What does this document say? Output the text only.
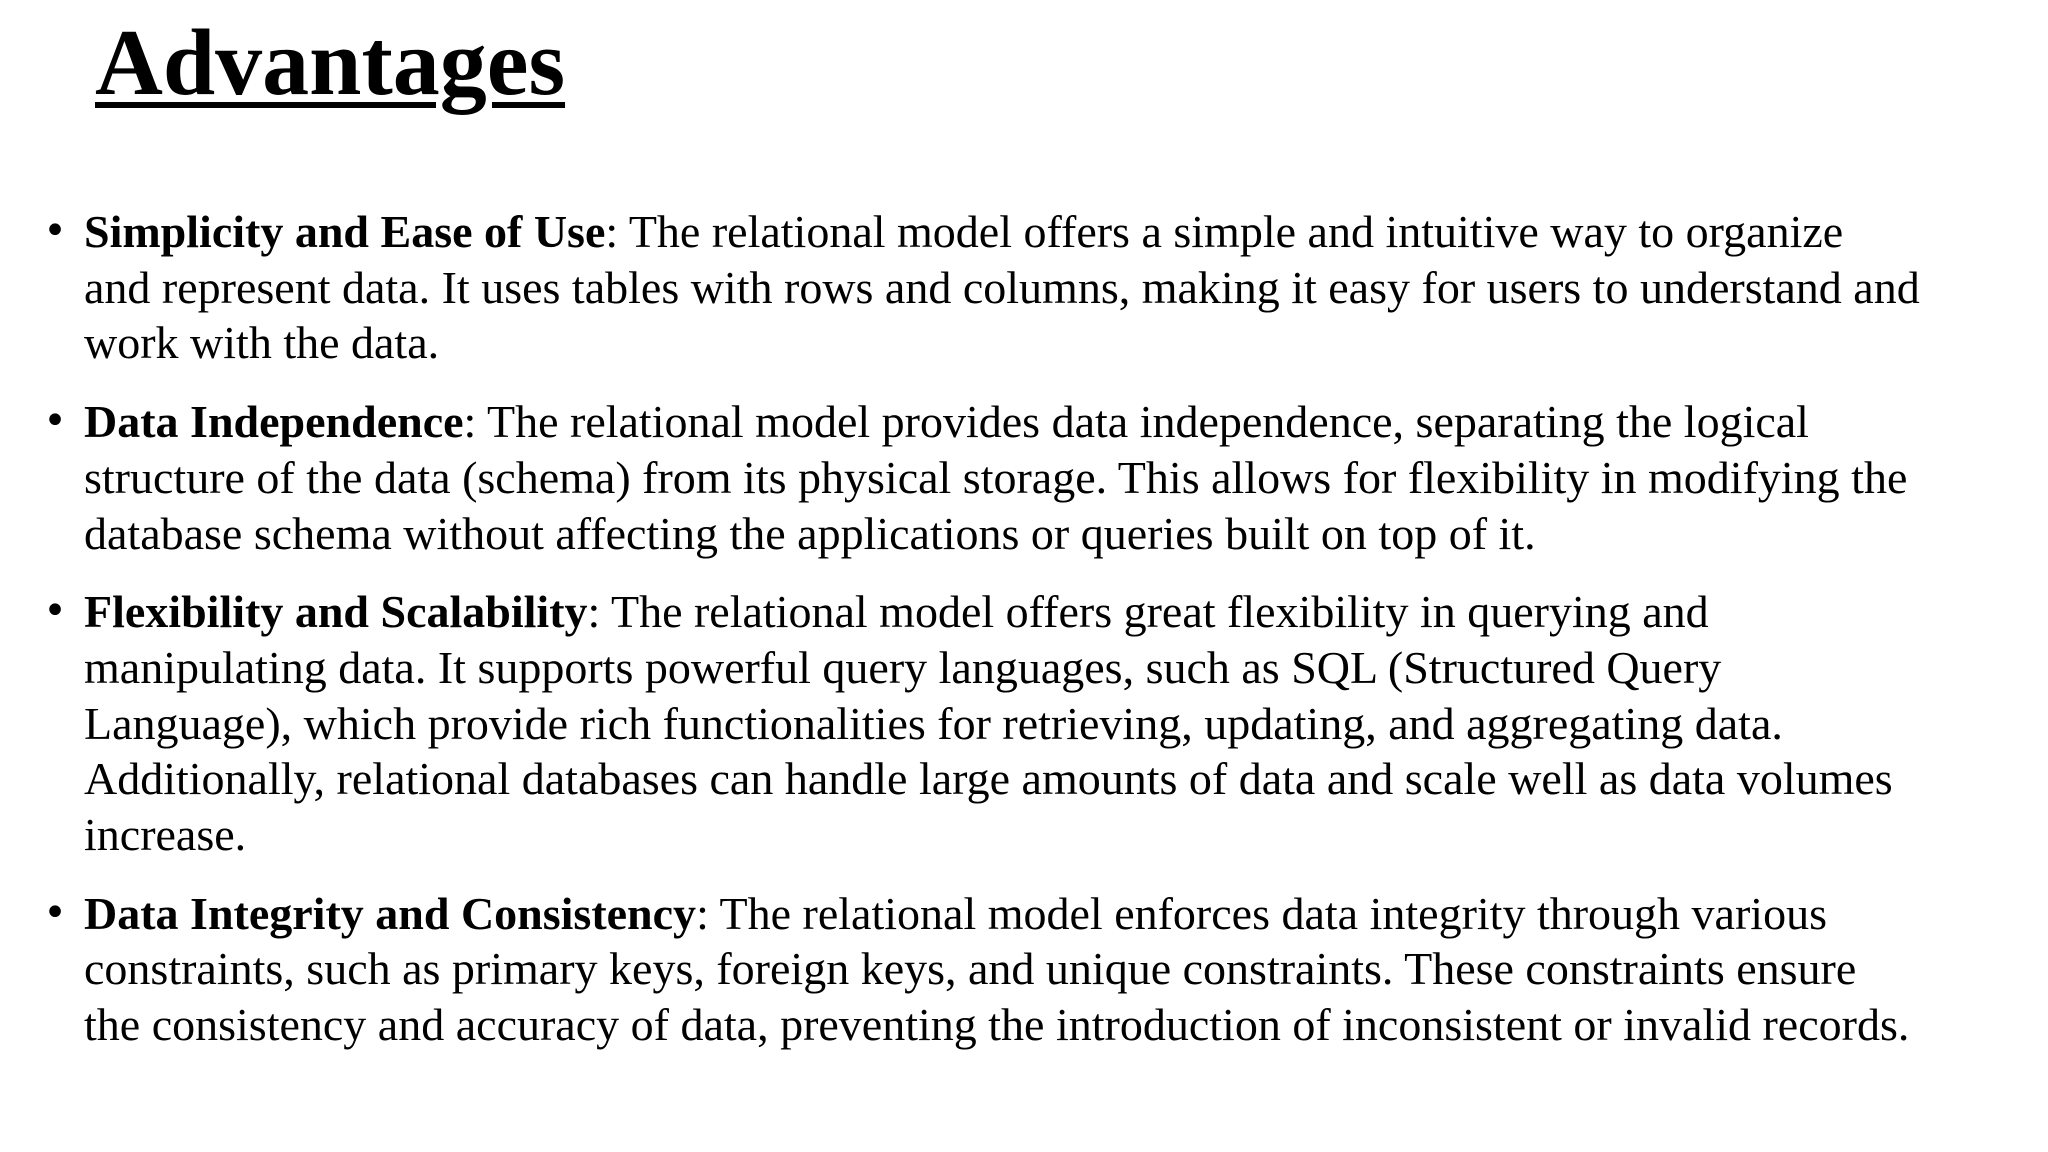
Advantages
• Simplicity and Ease of Use: The relational model offers a simple and intuitive way to organize and represent data. It uses tables with rows and columns, making it easy for users to understand and work with the data.
• Data Independence: The relational model provides data independence, separating the logical structure of the data (schema) from its physical storage. This allows for flexibility in modifying the database schema without affecting the applications or queries built on top of it.
• Flexibility and Scalability: The relational model offers great flexibility in querying and manipulating data. It supports powerful query languages, such as SQL (Structured Query Language), which provide rich functionalities for retrieving, updating, and aggregating data. Additionally, relational databases can handle large amounts of data and scale well as data volumes increase.
• Data Integrity and Consistency: The relational model enforces data integrity through various constraints, such as primary keys, foreign keys, and unique constraints. These constraints ensure the consistency and accuracy of data, preventing the introduction of inconsistent or invalid records.
